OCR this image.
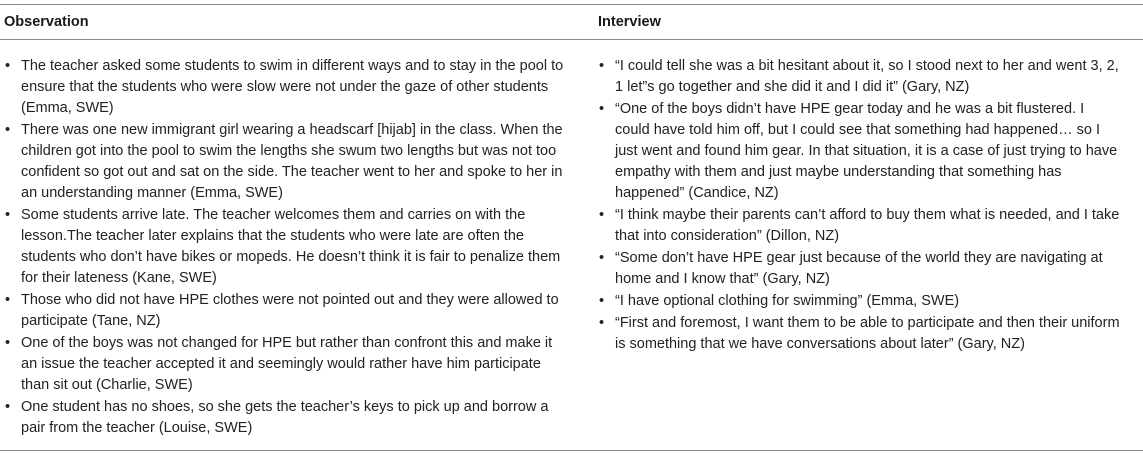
Observation	Interview
• The teacher asked some students to swim in different ways and to stay in the pool to ensure that the students who were slow were not under the gaze of other students (Emma, SWE)
• There was one new immigrant girl wearing a headscarf [hijab] in the class. When the children got into the pool to swim the lengths she swum two lengths but was not too confident so got out and sat on the side. The teacher went to her and spoke to her in an understanding manner (Emma, SWE)
• Some students arrive late. The teacher welcomes them and carries on with the lesson.The teacher later explains that the students who were late are often the students who don’t have bikes or mopeds. He doesn’t think it is fair to penalize them for their lateness (Kane, SWE)
• Those who did not have HPE clothes were not pointed out and they were allowed to participate (Tane, NZ)
• One of the boys was not changed for HPE but rather than confront this and make it an issue the teacher accepted it and seemingly would rather have him participate than sit out (Charlie, SWE)
• One student has no shoes, so she gets the teacher’s keys to pick up and borrow a pair from the teacher (Louise, SWE)
• “I could tell she was a bit hesitant about it, so I stood next to her and went 3, 2, 1 let”s go together and she did it and I did it” (Gary, NZ)
• “One of the boys didn’t have HPE gear today and he was a bit flustered. I could have told him off, but I could see that something had happened… so I just went and found him gear. In that situation, it is a case of just trying to have empathy with them and just maybe understanding that something has happened” (Candice, NZ)
• “I think maybe their parents can’t afford to buy them what is needed, and I take that into consideration” (Dillon, NZ)
• “Some don’t have HPE gear just because of the world they are navigating at home and I know that” (Gary, NZ)
• “I have optional clothing for swimming” (Emma, SWE)
• “First and foremost, I want them to be able to participate and then their uniform is something that we have conversations about later” (Gary, NZ)
